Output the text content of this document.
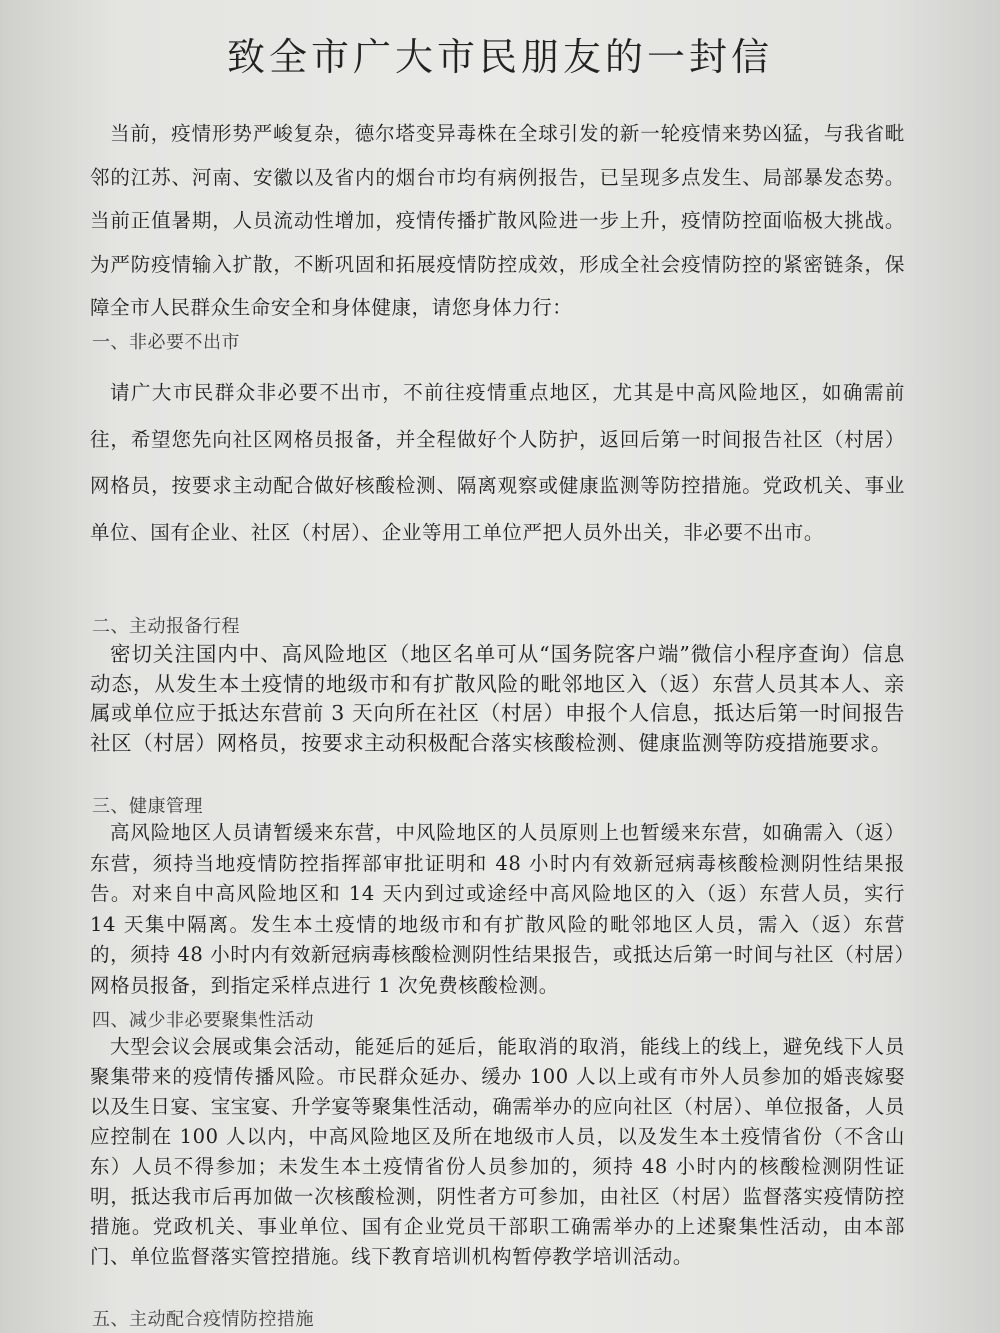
致全市广大市民朋友的一封信
当前，疫情形势严峻复杂，德尔塔变异毒株在全球引发的新一轮疫情来势凶猛，与我省毗邻的江苏、河南、安徽以及省内的烟台市均有病例报告，已呈现多点发生、局部暴发态势。当前正值暑期，人员流动性增加，疫情传播扩散风险进一步上升，疫情防控面临极大挑战。为严防疫情输入扩散，不断巩固和拓展疫情防控成效，形成全社会疫情防控的紧密链条，保障全市人民群众生命安全和身体健康，请您身体力行：
一、非必要不出市
请广大市民群众非必要不出市，不前往疫情重点地区，尤其是中高风险地区，如确需前往，希望您先向社区网格员报备，并全程做好个人防护，返回后第一时间报告社区（村居）网格员，按要求主动配合做好核酸检测、隔离观察或健康监测等防控措施。党政机关、事业单位、国有企业、社区（村居）、企业等用工单位严把人员外出关，非必要不出市。
二、主动报备行程
密切关注国内中、高风险地区（地区名单可从“国务院客户端”微信小程序查询）信息动态，从发生本土疫情的地级市和有扩散风险的毗邻地区入（返）东营人员其本人、亲属或单位应于抵达东营前 3 天向所在社区（村居）申报个人信息，抵达后第一时间报告社区（村居）网格员，按要求主动积极配合落实核酸检测、健康监测等防疫措施要求。
三、健康管理
高风险地区人员请暂缓来东营，中风险地区的人员原则上也暂缓来东营，如确需入（返）东营，须持当地疫情防控指挥部审批证明和 48 小时内有效新冠病毒核酸检测阴性结果报告。对来自中高风险地区和 14 天内到过或途经中高风险地区的入（返）东营人员，实行 14 天集中隔离。发生本土疫情的地级市和有扩散风险的毗邻地区人员，需入（返）东营的，须持 48 小时内有效新冠病毒核酸检测阴性结果报告，或抵达后第一时间与社区（村居）网格员报备，到指定采样点进行 1 次免费核酸检测。
四、减少非必要聚集性活动
大型会议会展或集会活动，能延后的延后，能取消的取消，能线上的线上，避免线下人员聚集带来的疫情传播风险。市民群众延办、缓办 100 人以上或有市外人员参加的婚丧嫁娶以及生日宴、宝宝宴、升学宴等聚集性活动，确需举办的应向社区（村居）、单位报备，人员应控制在 100 人以内，中高风险地区及所在地级市人员，以及发生本土疫情省份（不含山东）人员不得参加；未发生本土疫情省份人员参加的，须持 48 小时内的核酸检测阴性证明，抵达我市后再加做一次核酸检测，阴性者方可参加，由社区（村居）监督落实疫情防控措施。党政机关、事业单位、国有企业党员干部职工确需举办的上述聚集性活动，由本部门、单位监督落实管控措施。线下教育培训机构暂停教学培训活动。
五、主动配合疫情防控措施
